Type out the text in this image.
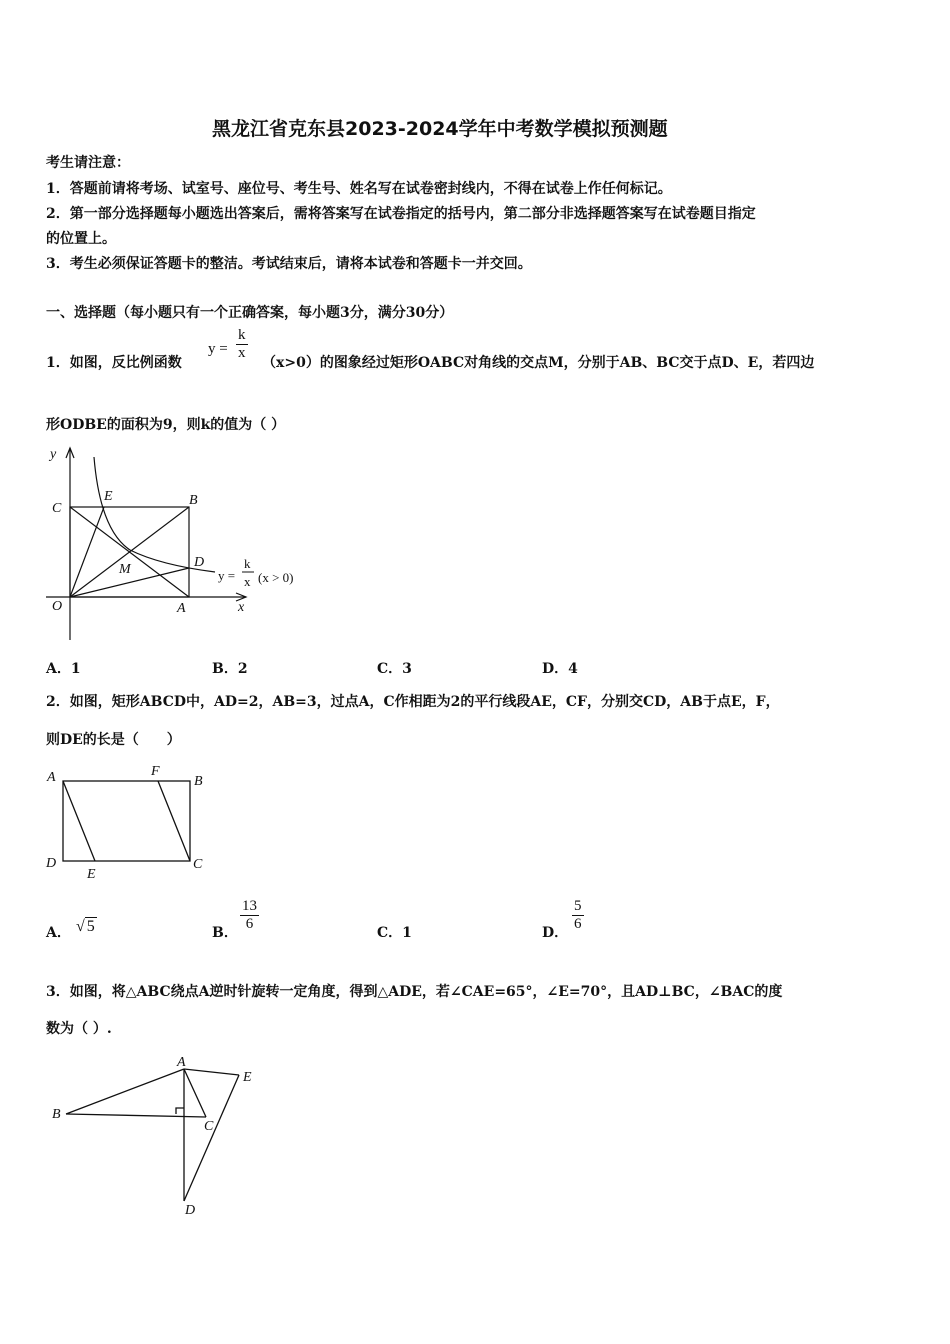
黑龙江省克东县2023-2024学年中考数学模拟预测题
考生请注意：
1．答题前请将考场、试室号、座位号、考生号、姓名写在试卷密封线内，不得在试卷上作任何标记。
2．第一部分选择题每小题选出答案后，需将答案写在试卷指定的括号内，第二部分非选择题答案写在试卷题目指定
的位置上。
3．考生必须保证答题卡的整洁。考试结束后，请将本试卷和答题卡一并交回。
一、选择题（每小题只有一个正确答案，每小题3分，满分30分）
1．如图，反比例函数
$y = \frac{k}{x}$
（x>0）的图象经过矩形OABC对角线的交点M，分别于AB、BC交于点D、E，若四边
形ODBE的面积为9，则k的值为（ ）
y
C
E	B
M	D
O	A	x
y =
k
x (x > 0)
A．1	B．2	C．3	D．4
2．如图，矩形ABCD中，AD=2，AB=3，过点A，C作相距为2的平行线段AE，CF，分别交CD，AB于点E，F，
则DE的长是（　　）
A	F
B
D
E
C
A． √ 5	B． $\frac{13}{6}$	C．1	D． $\frac{5}{6}$
3．如图，将△ABC绕点A逆时针旋转一定角度，得到△ADE，若∠CAE=65°，∠E=70°，且AD⊥BC，∠BAC的度
数为（ ）.
A
E
B
C
D
